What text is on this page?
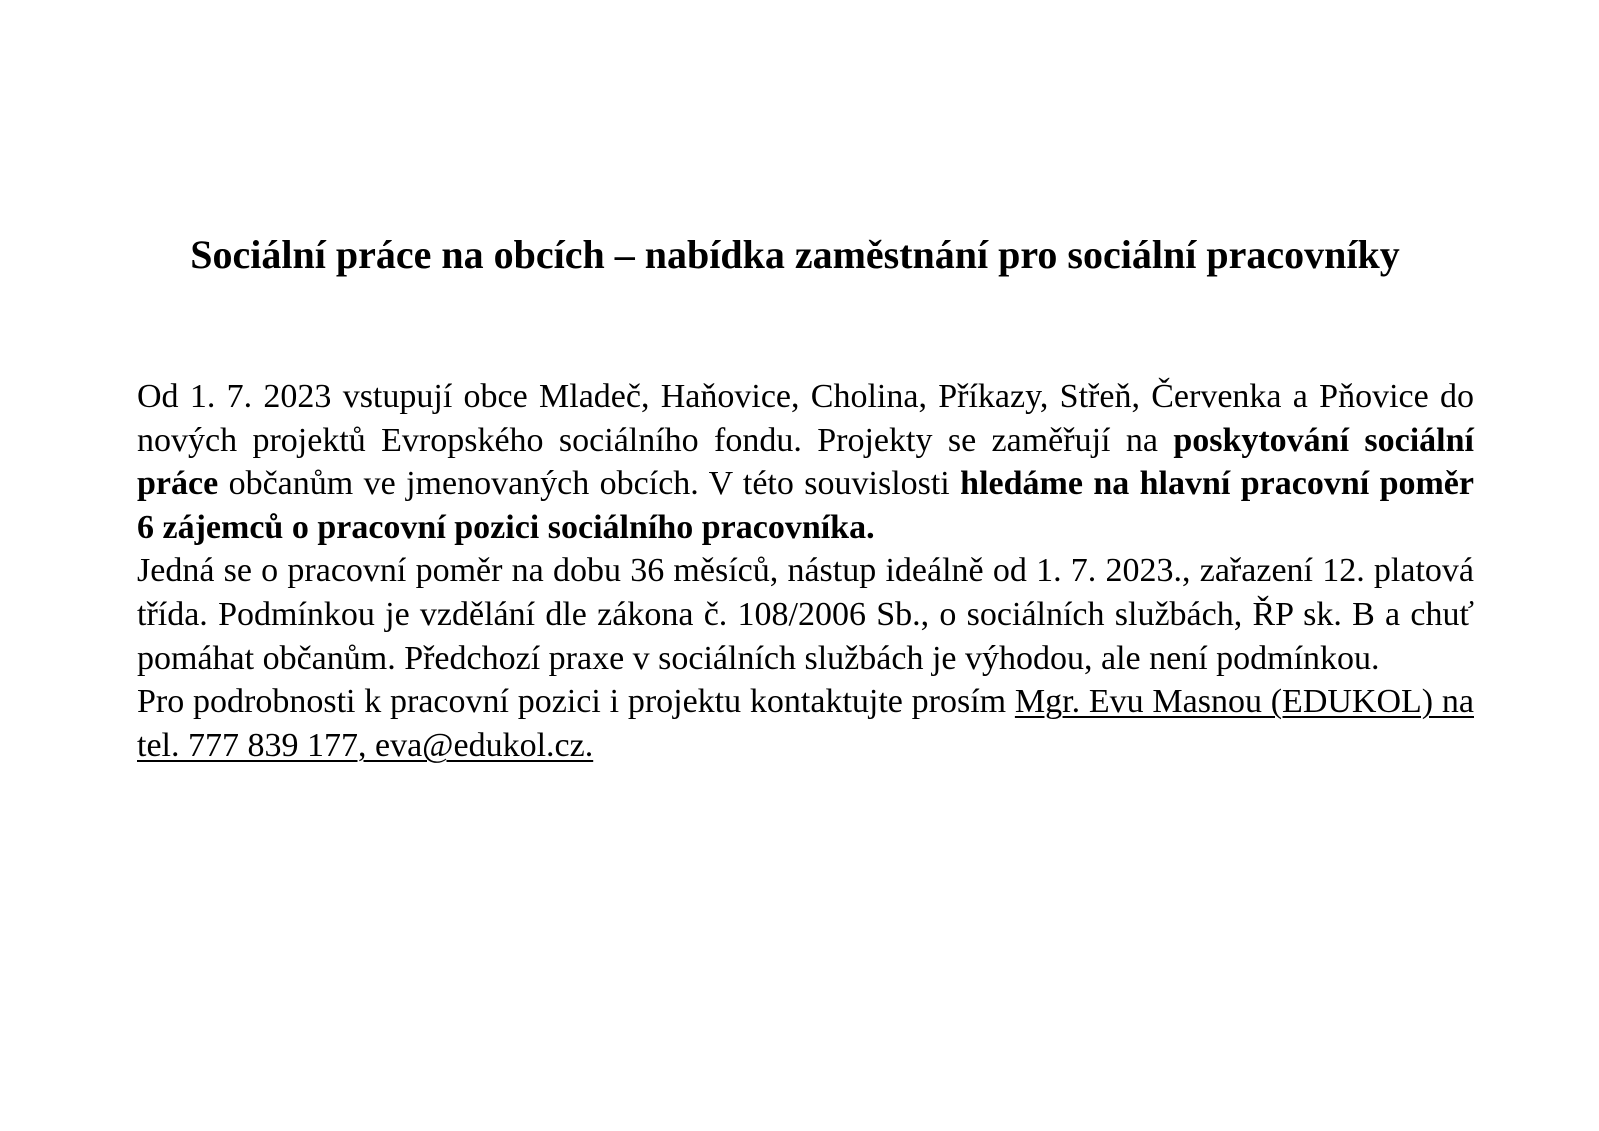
Sociální práce na obcích – nabídka zaměstnání pro sociální pracovníky

Od 1. 7. 2023 vstupují obce Mladeč, Haňovice, Cholina, Příkazy, Střeň, Červenka a Pňovice do nových projektů Evropského sociálního fondu. Projekty se zaměřují na poskytování sociální práce občanům ve jmenovaných obcích. V této souvislosti hledáme na hlavní pracovní poměr 6 zájemců o pracovní pozici sociálního pracovníka.

Jedná se o pracovní poměr na dobu 36 měsíců, nástup ideálně od 1. 7. 2023., zařazení 12. platová třída. Podmínkou je vzdělání dle zákona č. 108/2006 Sb., o sociálních službách, ŘP sk. B a chuť pomáhat občanům. Předchozí praxe v sociálních službách je výhodou, ale není podmínkou.

Pro podrobnosti k pracovní pozici i projektu kontaktujte prosím Mgr. Evu Masnou (EDUKOL) na tel. 777 839 177, eva@edukol.cz.
